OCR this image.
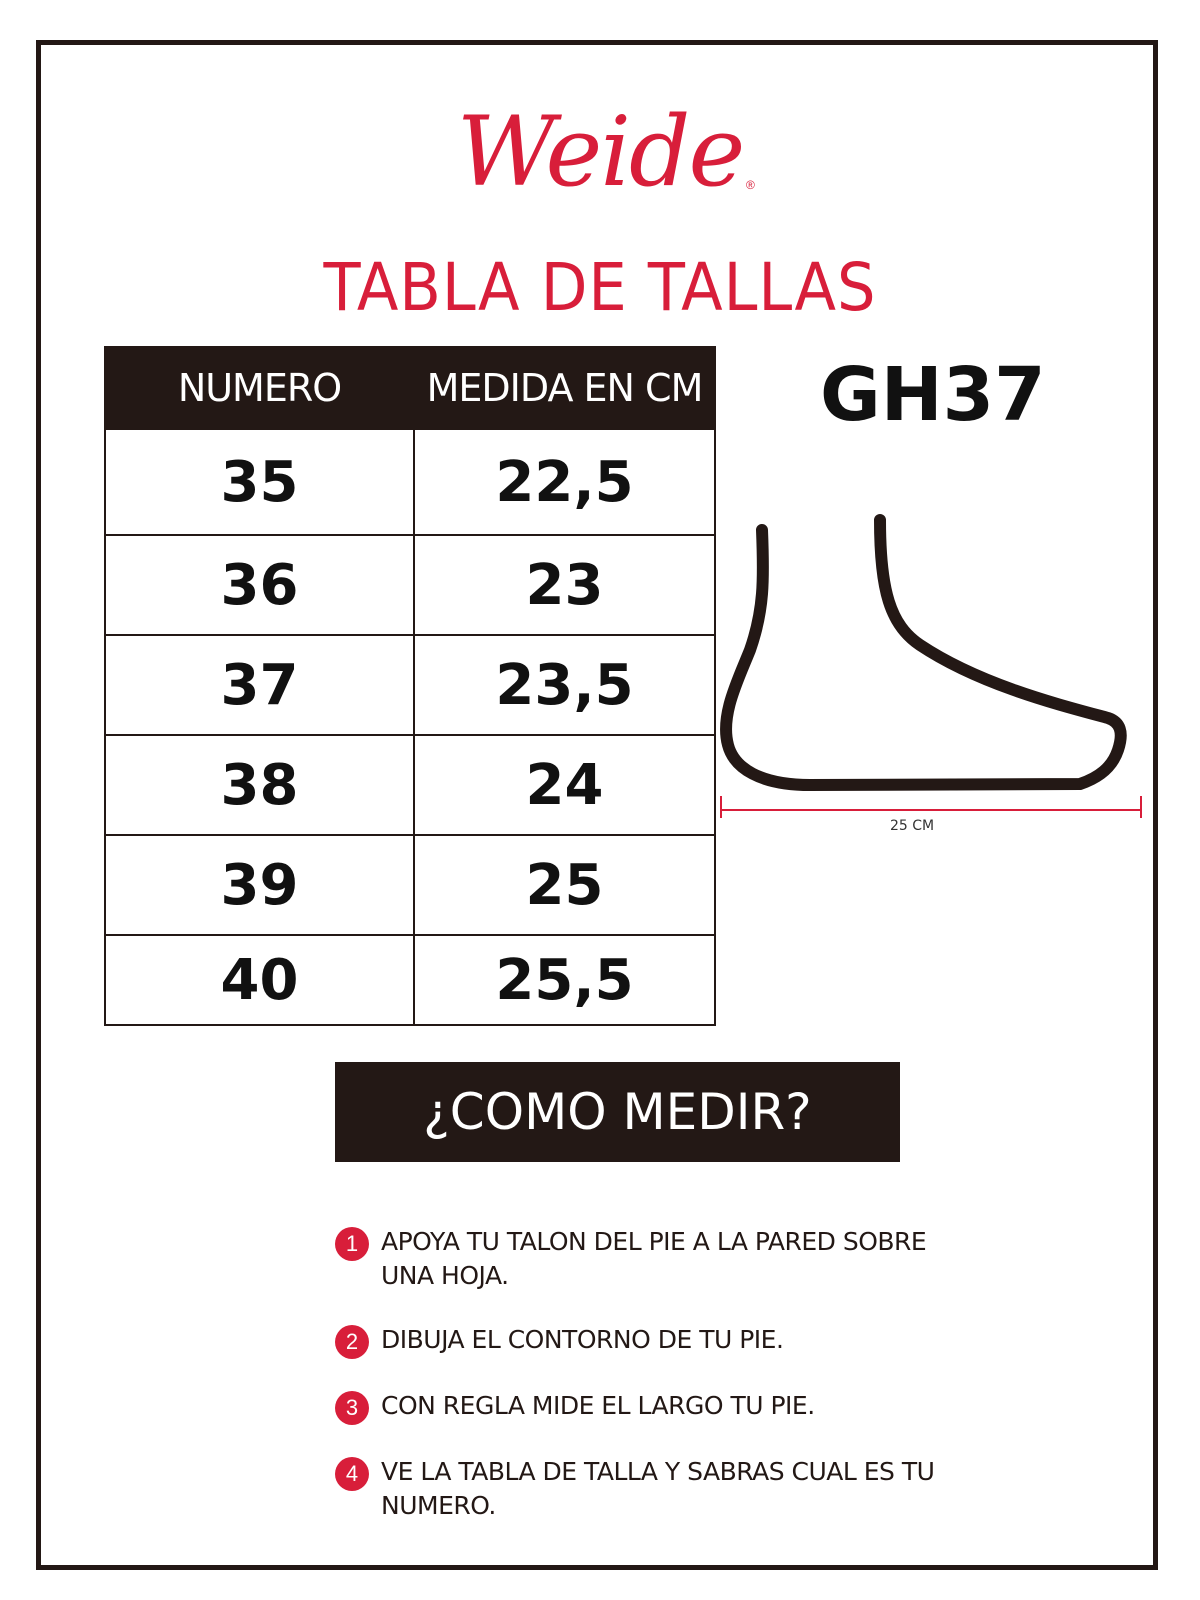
Weide ®
TABLA DE TALLAS
GH37
NUMERO	MEDIDA EN CM
35	22,5
36	23
37	23,5
38	24
39	25
40	25,5
25 CM
¿COMO MEDIR?
1 APOYA TU TALON DEL PIE A LA PARED SOBRE UNA HOJA.
2 DIBUJA EL CONTORNO DE TU PIE.
3 CON REGLA MIDE EL LARGO TU PIE.
4 VE LA TABLA DE TALLA Y SABRAS CUAL ES TU NUMERO.
